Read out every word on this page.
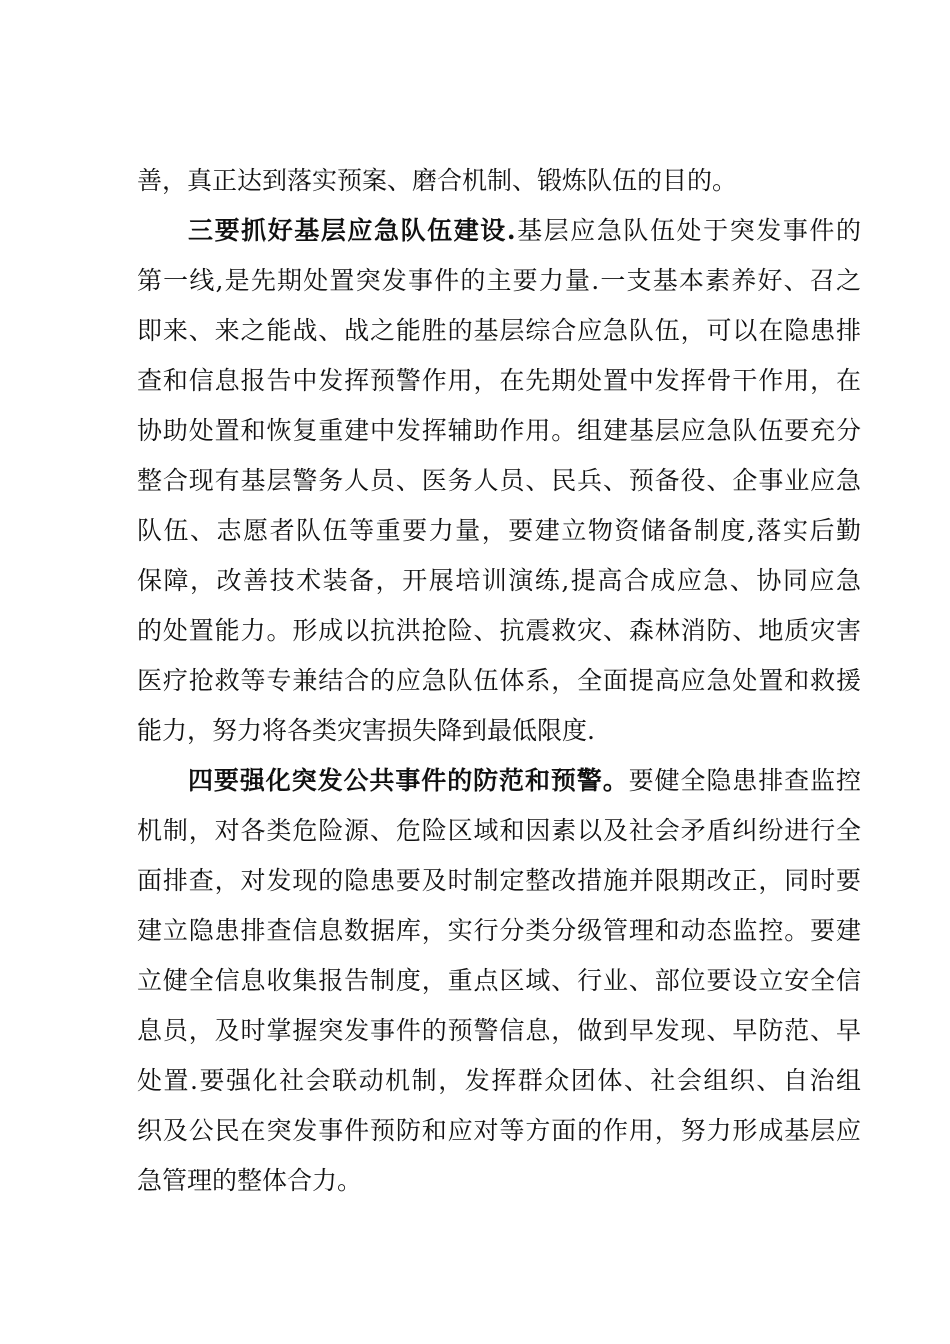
善，真正达到落实预案、磨合机制、锻炼队伍的目的。
三要抓好基层应急队伍建设.基层应急队伍处于突发事件的
第一线,是先期处置突发事件的主要力量.一支基本素养好、召之
即来、来之能战、战之能胜的基层综合应急队伍，可以在隐患排
查和信息报告中发挥预警作用，在先期处置中发挥骨干作用，在
协助处置和恢复重建中发挥辅助作用。组建基层应急队伍要充分
整合现有基层警务人员、医务人员、民兵、预备役、企事业应急
队伍、志愿者队伍等重要力量，要建立物资储备制度,落实后勤
保障，改善技术装备，开展培训演练,提高合成应急、协同应急
的处置能力。形成以抗洪抢险、抗震救灾、森林消防、地质灾害
医疗抢救等专兼结合的应急队伍体系，全面提高应急处置和救援
能力，努力将各类灾害损失降到最低限度.
四要强化突发公共事件的防范和预警。要健全隐患排查监控
机制，对各类危险源、危险区域和因素以及社会矛盾纠纷进行全
面排查，对发现的隐患要及时制定整改措施并限期改正，同时要
建立隐患排查信息数据库，实行分类分级管理和动态监控。要建
立健全信息收集报告制度，重点区域、行业、部位要设立安全信
息员，及时掌握突发事件的预警信息，做到早发现、早防范、早
处置.要强化社会联动机制，发挥群众团体、社会组织、自治组
织及公民在突发事件预防和应对等方面的作用，努力形成基层应
急管理的整体合力。
